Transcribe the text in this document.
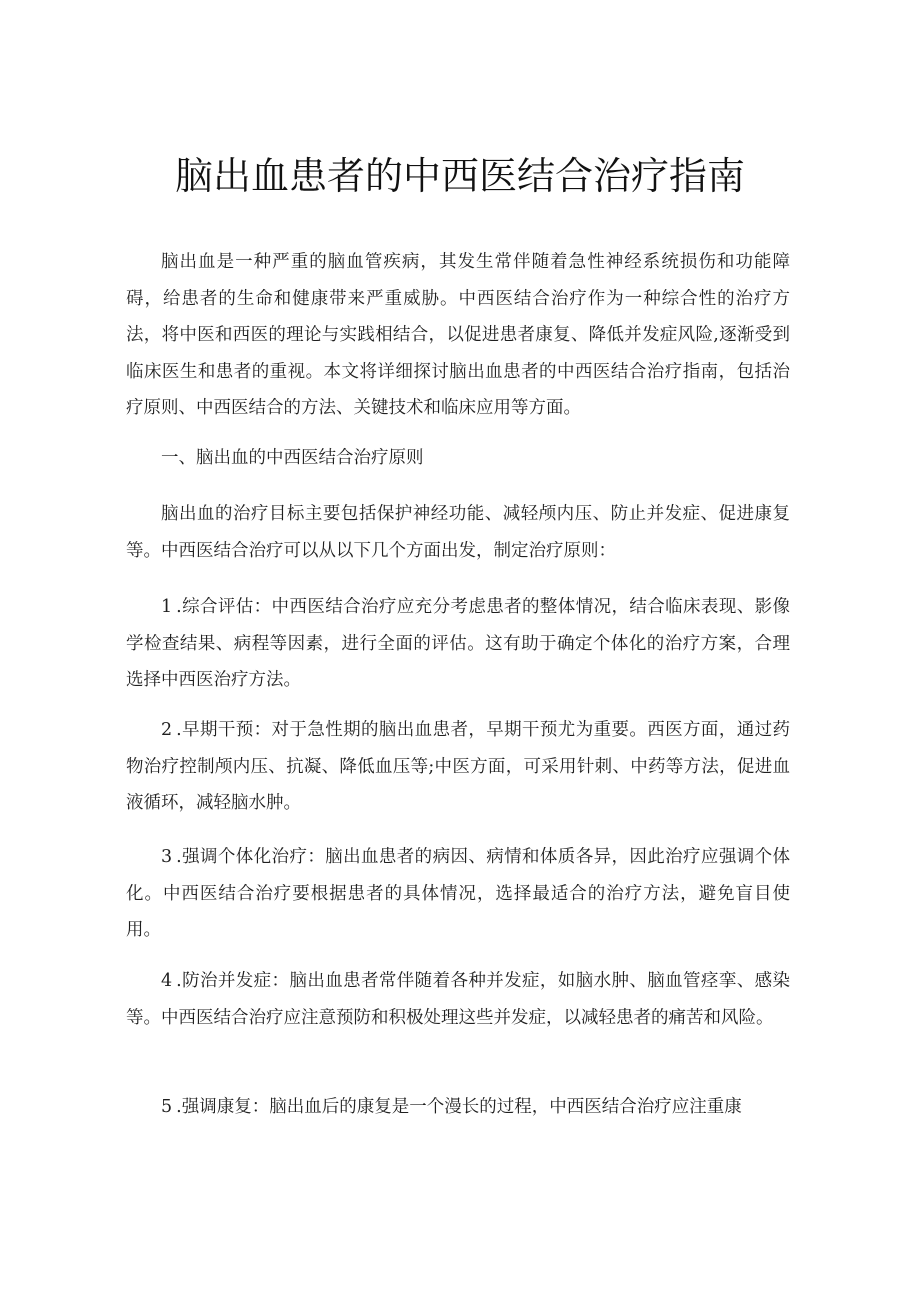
脑出血患者的中西医结合治疗指南

脑出血是一种严重的脑血管疾病，其发生常伴随着急性神经系统损伤和功能障碍，给患者的生命和健康带来严重威胁。中西医结合治疗作为一种综合性的治疗方法，将中医和西医的理论与实践相结合，以促进患者康复、降低并发症风险,逐渐受到临床医生和患者的重视。本文将详细探讨脑出血患者的中西医结合治疗指南，包括治疗原则、中西医结合的方法、关键技术和临床应用等方面。

一、脑出血的中西医结合治疗原则

脑出血的治疗目标主要包括保护神经功能、减轻颅内压、防止并发症、促进康复等。中西医结合治疗可以从以下几个方面出发，制定治疗原则：

1 .综合评估：中西医结合治疗应充分考虑患者的整体情况，结合临床表现、影像学检查结果、病程等因素，进行全面的评估。这有助于确定个体化的治疗方案，合理选择中西医治疗方法。

2 .早期干预：对于急性期的脑出血患者，早期干预尤为重要。西医方面，通过药物治疗控制颅内压、抗凝、降低血压等;中医方面，可采用针刺、中药等方法，促进血液循环，减轻脑水肿。

3 .强调个体化治疗：脑出血患者的病因、病情和体质各异，因此治疗应强调个体化。中西医结合治疗要根据患者的具体情况，选择最适合的治疗方法，避免盲目使用。

4 .防治并发症：脑出血患者常伴随着各种并发症，如脑水肿、脑血管痉挛、感染等。中西医结合治疗应注意预防和积极处理这些并发症，以减轻患者的痛苦和风险。

5 .强调康复：脑出血后的康复是一个漫长的过程，中西医结合治疗应注重康
